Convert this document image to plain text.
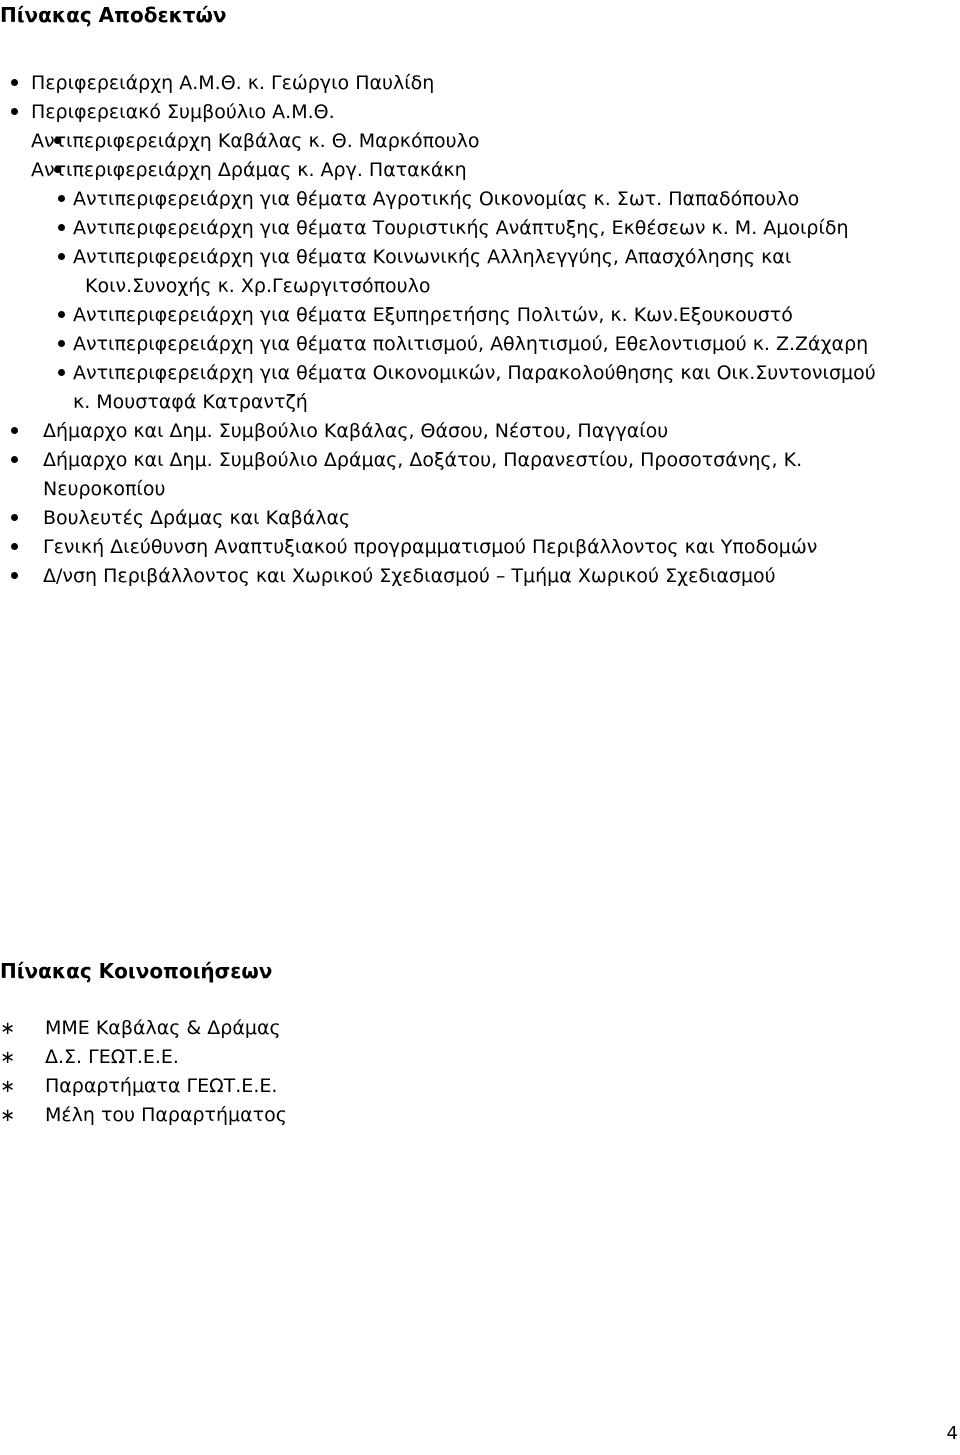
Πίνακας Αποδεκτών
Περιφερειάρχη Α.Μ.Θ. κ. Γεώργιο Παυλίδη
Περιφερειακό Συμβούλιο Α.Μ.Θ.
Αντιπεριφερειάρχη Καβάλας κ. Θ. Μαρκόπουλο
Αντιπεριφερειάρχη Δράμας κ. Αργ. Πατακάκη
Αντιπεριφερειάρχη για θέματα Αγροτικής Οικονομίας κ. Σωτ. Παπαδόπουλο
Αντιπεριφερειάρχη για θέματα Τουριστικής Ανάπτυξης, Εκθέσεων κ. Μ. Αμοιρίδη
Αντιπεριφερειάρχη για θέματα Κοινωνικής Αλληλεγγύης, Απασχόλησης και
Κοιν.Συνοχής κ. Χρ.Γεωργιτσόπουλο
Αντιπεριφερειάρχη για θέματα Εξυπηρετήσης Πολιτών, κ. Κων.Εξουκουστό
Αντιπεριφερειάρχη για θέματα πολιτισμού, Αθλητισμού, Εθελοντισμού κ. Ζ.Ζάχαρη
Αντιπεριφερειάρχη για θέματα Οικονομικών, Παρακολούθησης και Οικ.Συντονισμού
κ. Μουσταφά Κατραντζή
Δήμαρχο και Δημ. Συμβούλιο Καβάλας, Θάσου, Νέστου, Παγγαίου
Δήμαρχο και Δημ. Συμβούλιο Δράμας, Δοξάτου, Παρανεστίου, Προσοτσάνης, Κ.
Νευροκοπίου
Βουλευτές Δράμας και Καβάλας
Γενική Διεύθυνση Αναπτυξιακού προγραμματισμού Περιβάλλοντος και Υποδομών
Δ/νση Περιβάλλοντος και Χωρικού Σχεδιασμού – Τμήμα Χωρικού Σχεδιασμού
Πίνακας Κοινοποιήσεων
∗ ΜΜΕ Καβάλας & Δράμας
∗ Δ.Σ. ΓΕΩΤ.Ε.Ε.
∗ Παραρτήματα ΓΕΩΤ.Ε.Ε.
∗ Μέλη του Παραρτήματος
4
